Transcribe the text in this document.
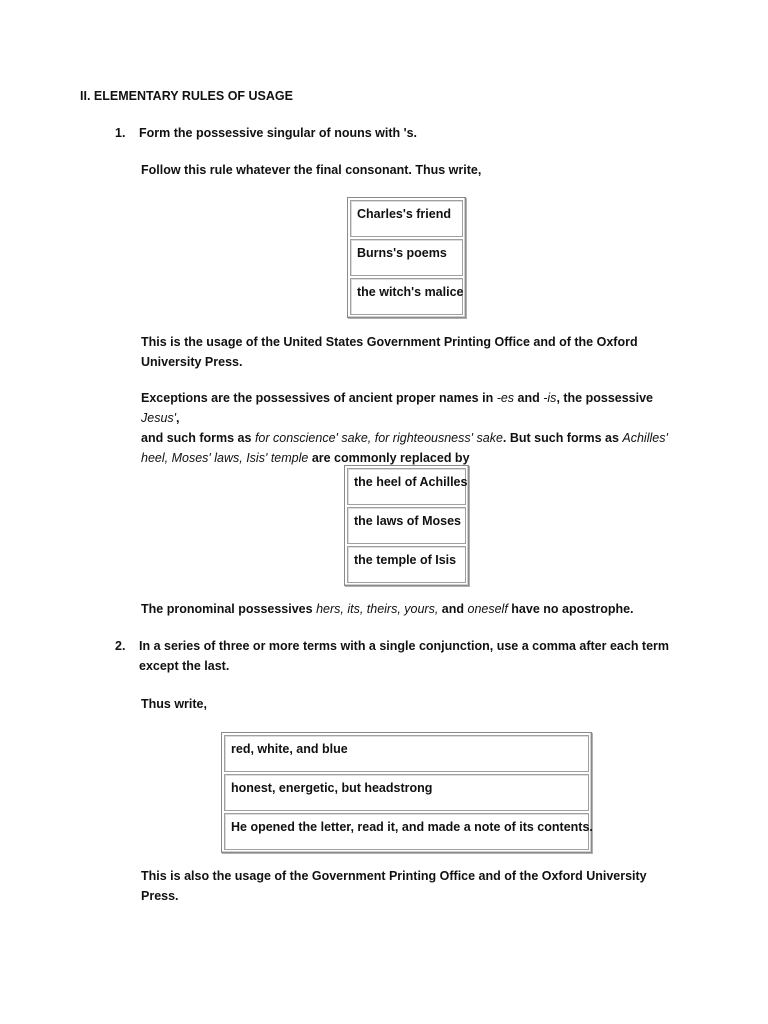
II. ELEMENTARY RULES OF USAGE
1. Form the possessive singular of nouns with 's.
Follow this rule whatever the final consonant. Thus write,
Charles's friend
Burns's poems
the witch's malice
This is the usage of the United States Government Printing Office and of the Oxford
University Press.
Exceptions are the possessives of ancient proper names in -es and -is, the possessive Jesus',
and such forms as for conscience' sake, for righteousness' sake. But such forms as Achilles'
heel, Moses' laws, Isis' temple are commonly replaced by
the heel of Achilles
the laws of Moses
the temple of Isis
The pronominal possessives hers, its, theirs, yours, and oneself have no apostrophe.
2. In a series of three or more terms with a single conjunction, use a comma after each term
except the last.
Thus write,
red, white, and blue
honest, energetic, but headstrong
He opened the letter, read it, and made a note of its contents.
This is also the usage of the Government Printing Office and of the Oxford University Press.
